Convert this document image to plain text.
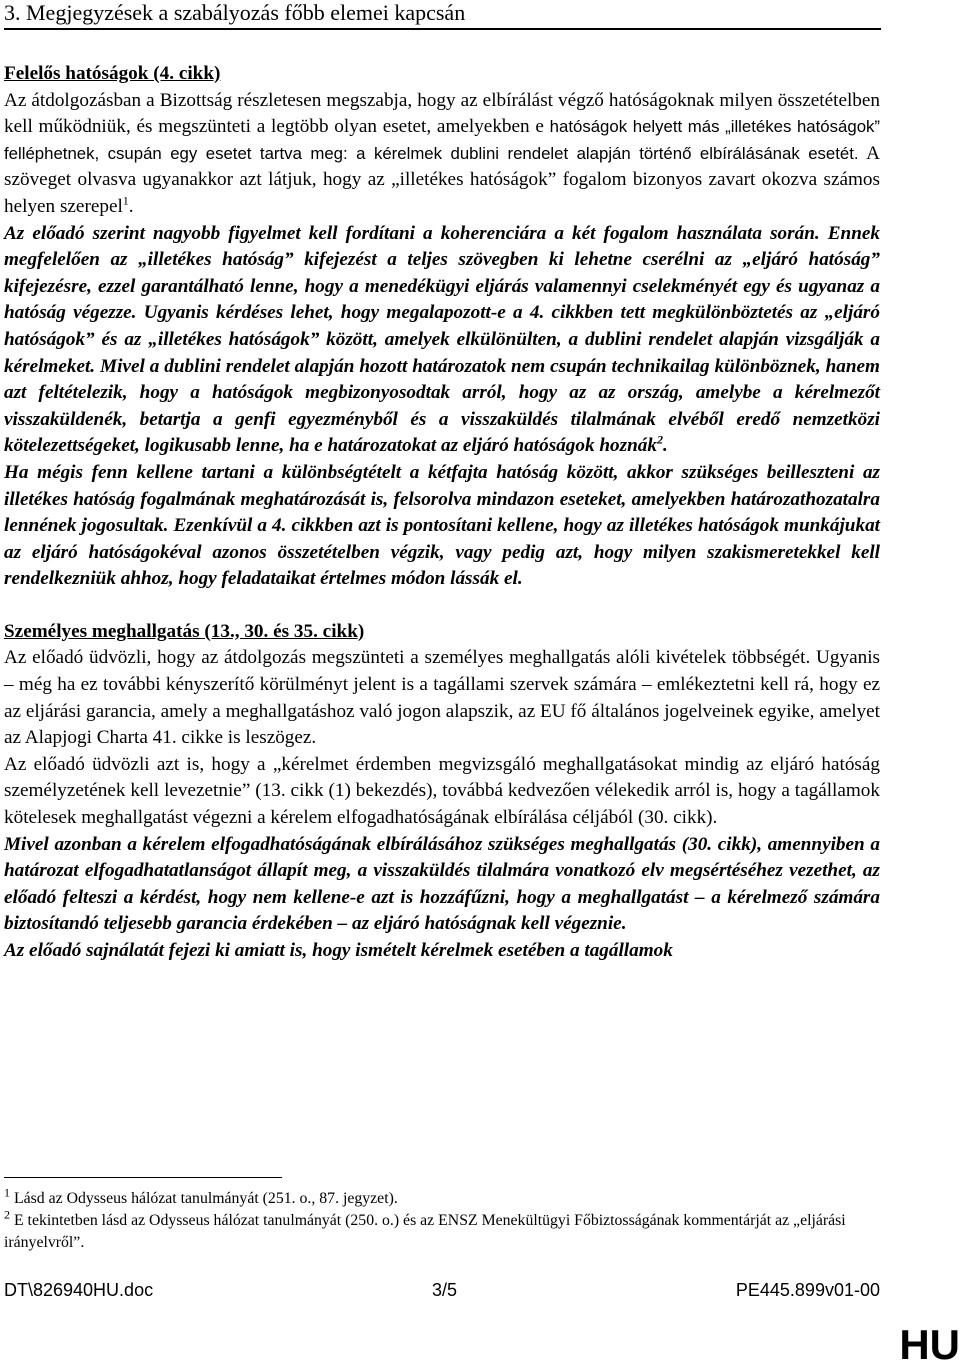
3. Megjegyzések a szabályozás főbb elemei kapcsán
Felelős hatóságok (4. cikk)

Az átdolgozásban a Bizottság részletesen megszabja, hogy az elbírálást végző hatóságoknak milyen összetételben kell működniük, és megszünteti a legtöbb olyan esetet, amelyekben e hatóságok helyett más „illetékes hatóságok” felléphetnek, csupán egy esetet tartva meg: a kérelmek dublini rendelet alapján történő elbírálásának esetét. A szöveget olvasva ugyanakkor azt látjuk, hogy az „illetékes hatóságok” fogalom bizonyos zavart okozva számos helyen szerepel$^1$.

Az előadó szerint nagyobb figyelmet kell fordítani a koherenciára a két fogalom használata során. Ennek megfelelően az „illetékes hatóság” kifejezést a teljes szövegben ki lehetne cserélni az „eljáró hatóság” kifejezésre, ezzel garantálható lenne, hogy a menedékügyi eljárás valamennyi cselekményét egy és ugyanaz a hatóság végezze. Ugyanis kérdéses lehet, hogy megalapozott-e a 4. cikkben tett megkülönböztetés az „eljáró hatóságok” és az „illetékes hatóságok” között, amelyek elkülönülten, a dublini rendelet alapján vizsgálják a kérelmeket. Mivel a dublini rendelet alapján hozott határozatok nem csupán technikailag különböznek, hanem azt feltételezik, hogy a hatóságok megbizonyosodtak arról, hogy az az ország, amelybe a kérelmezőt visszaküldenék, betartja a genfi egyezményből és a visszaküldés tilalmának elvéből eredő nemzetközi kötelezettségeket, logikusabb lenne, ha e határozatokat az eljáró hatóságok hoznák$^2$.

Ha mégis fenn kellene tartani a különbségtételt a kétfajta hatóság között, akkor szükséges beilleszteni az illetékes hatóság fogalmának meghatározását is, felsorolva mindazon eseteket, amelyekben határozathozatalra lennének jogosultak. Ezenkívül a 4. cikkben azt is pontosítani kellene, hogy az illetékes hatóságok munkájukat az eljáró hatóságokéval azonos összetételben végzik, vagy pedig azt, hogy milyen szakismeretekkel kell rendelkezniük ahhoz, hogy feladataikat értelmes módon lássák el.

Személyes meghallgatás (13., 30. és 35. cikk)

Az előadó üdvözli, hogy az átdolgozás megszünteti a személyes meghallgatás alóli kivételek többségét. Ugyanis – még ha ez további kényszerítő körülményt jelent is a tagállami szervek számára – emlékeztetni kell rá, hogy ez az eljárási garancia, amely a meghallgatáshoz való jogon alapszik, az EU fő általános jogelveinek egyike, amelyet az Alapjogi Charta 41. cikke is leszögez.

Az előadó üdvözli azt is, hogy a „kérelmet érdemben megvizsgáló meghallgatásokat mindig az eljáró hatóság személyzetének kell levezetnie” (13. cikk (1) bekezdés), továbbá kedvezően vélekedik arról is, hogy a tagállamok kötelesek meghallgatást végezni a kérelem elfogadhatóságának elbírálása céljából (30. cikk).

Mivel azonban a kérelem elfogadhatóságának elbírálásához szükséges meghallgatás (30. cikk), amennyiben a határozat elfogadhatatlanságot állapít meg, a visszaküldés tilalmára vonatkozó elv megsértéséhez vezethet, az előadó felteszi a kérdést, hogy nem kellene-e azt is hozzáfűzni, hogy a meghallgatást – a kérelmező számára biztosítandó teljesebb garancia érdekében – az eljáró hatóságnak kell végeznie.

Az előadó sajnálatát fejezi ki amiatt is, hogy ismételt kérelmek esetében a tagállamok

$^1$ Lásd az Odysseus hálózat tanulmányát (251. o., 87. jegyzet).
$^2$ E tekintetben lásd az Odysseus hálózat tanulmányát (250. o.) és az ENSZ Menekültügyi Főbiztosságának kommentárját az „eljárási irányelvről”.
DT\826940HU.doc	3/5	PE445.899v01-00
HU
